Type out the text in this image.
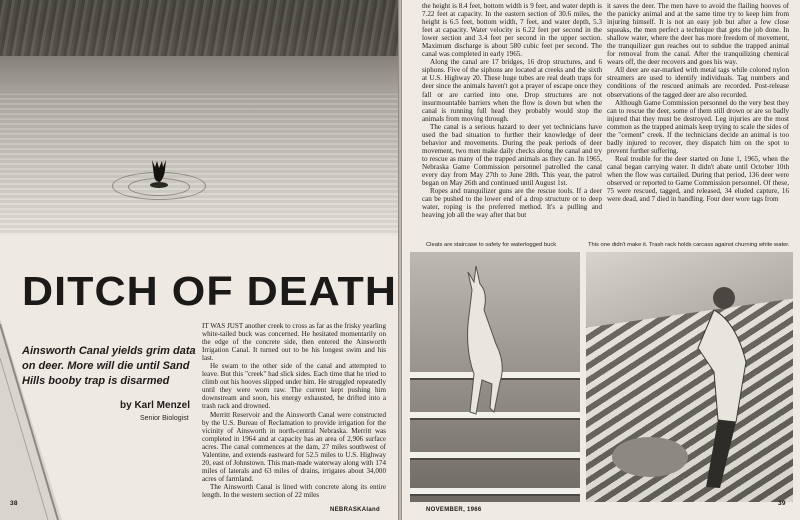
DITCH OF DEATH
Ainsworth Canal yields grim data on deer. More will die until Sand Hills booby trap is disarmed
by Karl Menzel
Senior Biologist

IT WAS JUST another creek to cross as far as the frisky yearling white-tailed buck was concerned. He hesitated momentarily on the edge of the concrete side, then entered the Ainsworth Irrigation Canal. It turned out to be his longest swim and his last.

He swam to the other side of the canal and attempted to leave. But this "creek" had slick sides. Each time that he tried to climb out his hooves slipped under him. He struggled repeatedly until they were worn raw. The current kept pushing him downstream and soon, his energy exhausted, he drifted into a trash rack and drowned.

Merritt Reservoir and the Ainsworth Canal were constructed by the U.S. Bureau of Reclamation to provide irrigation for the vicinity of Ainsworth in north-central Nebraska. Merritt was completed in 1964 and at capacity has an area of 2,906 surface acres. The canal commences at the dam, 27 miles southwest of Valentine, and extends eastward for 52.5 miles to U.S. Highway 20, east of Johnstown. This man-made waterway along with 174 miles of laterals and 63 miles of drains, irrigates about 34,000 acres of farmland.

The Ainsworth Canal is lined with concrete along its entire length. In the western section of 22 miles

38
NEBRASKAland

the height is 8.4 feet, bottom width is 9 feet, and water depth is 7.22 feet at capacity. In the eastern section of 30.6 miles, the height is 6.5 feet, bottom width, 7 feet, and water depth, 5.3 feet at capacity. Water velocity is 6.22 feet per second in the lower section and 3.4 feet per second in the upper section. Maximum discharge is about 580 cubic feet per second. The canal was completed in early 1965.

Along the canal are 17 bridges, 16 drop structures, and 6 siphons. Five of the siphons are located at creeks and the sixth at U.S. Highway 20. These huge tubes are real death traps for deer since the animals haven't got a prayer of escape once they fall or are carried into one. Drop structures are not insurmountable barriers when the flow is down but when the canal is running full head they probably would stop the animals from moving through.

The canal is a serious hazard to deer yet technicians have used the bad situation to further their knowledge of deer behavior and movements. During the peak periods of deer movement, two men make daily checks along the canal and try to rescue as many of the trapped animals as they can. In 1965, Nebraska Game Commission personnel patrolled the canal every day from May 27th to June 28th. This year, the patrol began on May 26th and continued until August 1st.

Ropes and tranquilizer guns are the rescue tools. If a deer can be pushed to the lower end of a drop structure or to deep water, roping is the preferred method. It's a pulling and heaving job all the way after that but

it saves the deer. The men have to avoid the flailing hooves of the panicky animal and at the same time try to keep him from injuring himself. It is not an easy job but after a few close squeaks, the men perfect a technique that gets the job done. In shallow water, where the deer has more freedom of movement, the tranquilizer gun reaches out to subdue the trapped animal for removal from the canal. After the tranquilizing chemical wears off, the deer recovers and goes his way.

All deer are ear-marked with metal tags while colored nylon streamers are used to identify individuals. Tag numbers and conditions of the rescued animals are recorded. Post-release observations of the tagged deer are also recorded.

Although Game Commission personnel do the very best they can to rescue the deer, some of them still drown or are so badly injured that they must be destroyed. Leg injuries are the most common as the trapped animals keep trying to scale the sides of the "cement" creek. If the technicians decide an animal is too badly injured to recover, they dispatch him on the spot to prevent further suffering.

Real trouble for the deer started on June 1, 1965, when the canal began carrying water. It didn't abate until October 10th when the flow was curtailed. During that period, 136 deer were observed or reported to Game Commission personnel. Of these, 75 were rescued, tagged, and released, 34 eluded capture, 16 were dead, and 7 died in handling. Four deer wore tags from

Cleats are staircase to safety for waterlogged buck	This one didn't make it. Trash rack holds carcass against churning white water.
NOVEMBER, 1966
39
